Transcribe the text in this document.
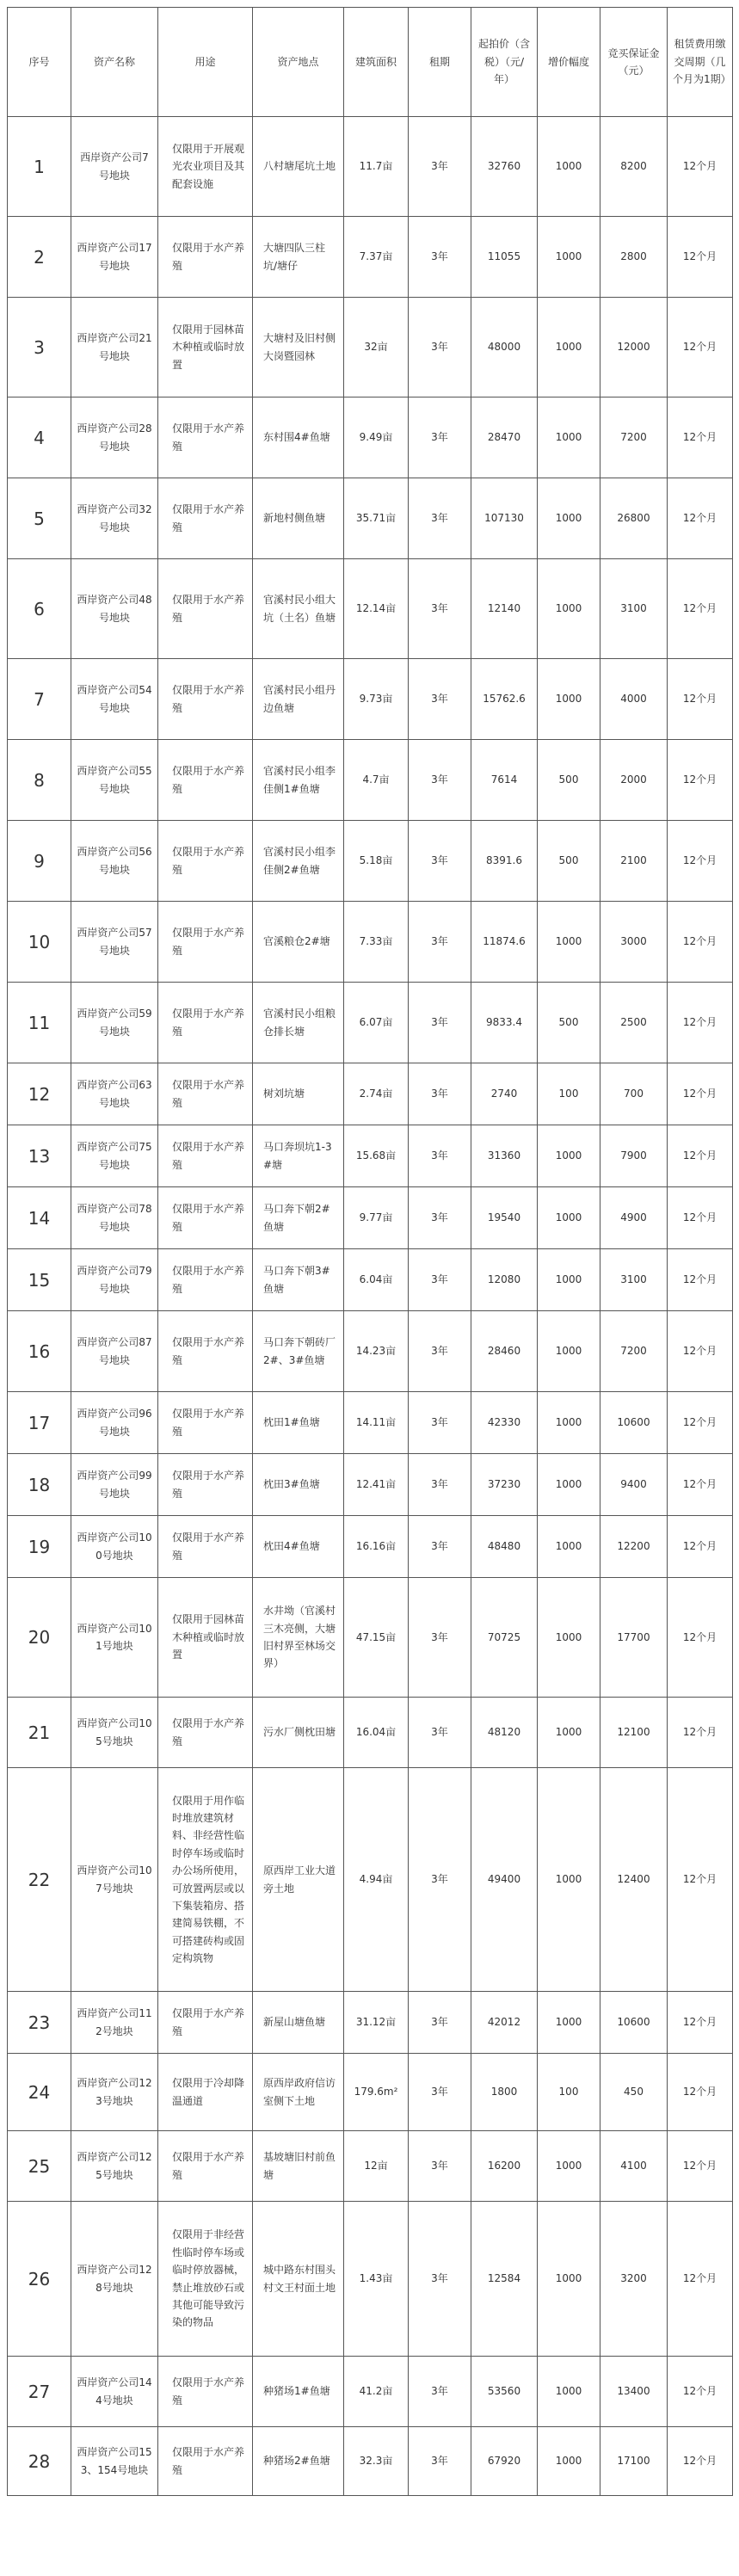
序号	资产名称	用途	资产地点	建筑面积	租期	起拍价（含税）（元/年）	增价幅度	竞买保证金（元）	租赁费用缴交周期（几个月为1期）
1	西岸资产公司7号地块	仅限用于开展观光农业项目及其配套设施	八村塘尾坑土地	11.7亩	3年	32760	1000	8200	12个月
2	西岸资产公司17号地块	仅限用于水产养殖	大塘四队三柱坑/塘仔	7.37亩	3年	11055	1000	2800	12个月
3	西岸资产公司21号地块	仅限用于园林苗木种植或临时放置	大塘村及旧村侧大岗暨园林	32亩	3年	48000	1000	12000	12个月
4	西岸资产公司28号地块	仅限用于水产养殖	东村围4#鱼塘	9.49亩	3年	28470	1000	7200	12个月
5	西岸资产公司32号地块	仅限用于水产养殖	新地村侧鱼塘	35.71亩	3年	107130	1000	26800	12个月
6	西岸资产公司48号地块	仅限用于水产养殖	官溪村民小组大坑（土名）鱼塘	12.14亩	3年	12140	1000	3100	12个月
7	西岸资产公司54号地块	仅限用于水产养殖	官溪村民小组丹边鱼塘	9.73亩	3年	15762.6	1000	4000	12个月
8	西岸资产公司55号地块	仅限用于水产养殖	官溪村民小组李佳侧1#鱼塘	4.7亩	3年	7614	500	2000	12个月
9	西岸资产公司56号地块	仅限用于水产养殖	官溪村民小组李佳侧2#鱼塘	5.18亩	3年	8391.6	500	2100	12个月
10	西岸资产公司57号地块	仅限用于水产养殖	官溪粮仓2#塘	7.33亩	3年	11874.6	1000	3000	12个月
11	西岸资产公司59号地块	仅限用于水产养殖	官溪村民小组粮仓排长塘	6.07亩	3年	9833.4	500	2500	12个月
12	西岸资产公司63号地块	仅限用于水产养殖	树刘坑塘	2.74亩	3年	2740	100	700	12个月
13	西岸资产公司75号地块	仅限用于水产养殖	马口奔坝坑1-3#塘	15.68亩	3年	31360	1000	7900	12个月
14	西岸资产公司78号地块	仅限用于水产养殖	马口奔下朝2#鱼塘	9.77亩	3年	19540	1000	4900	12个月
15	西岸资产公司79号地块	仅限用于水产养殖	马口奔下朝3#鱼塘	6.04亩	3年	12080	1000	3100	12个月
16	西岸资产公司87号地块	仅限用于水产养殖	马口奔下朝砖厂2#、3#鱼塘	14.23亩	3年	28460	1000	7200	12个月
17	西岸资产公司96号地块	仅限用于水产养殖	枕田1#鱼塘	14.11亩	3年	42330	1000	10600	12个月
18	西岸资产公司99号地块	仅限用于水产养殖	枕田3#鱼塘	12.41亩	3年	37230	1000	9400	12个月
19	西岸资产公司100号地块	仅限用于水产养殖	枕田4#鱼塘	16.16亩	3年	48480	1000	12200	12个月
20	西岸资产公司101号地块	仅限用于园林苗木种植或临时放置	水井坳（官溪村三木亮侧，大塘旧村界至林场交界）	47.15亩	3年	70725	1000	17700	12个月
21	西岸资产公司105号地块	仅限用于水产养殖	污水厂侧枕田塘	16.04亩	3年	48120	1000	12100	12个月
22	西岸资产公司107号地块	仅限用于用作临时堆放建筑材料、非经营性临时停车场或临时办公场所使用，可放置两层或以下集装箱房、搭建简易铁棚，不可搭建砖构或固定构筑物	原西岸工业大道旁土地	4.94亩	3年	49400	1000	12400	12个月
23	西岸资产公司112号地块	仅限用于水产养殖	新屋山塘鱼塘	31.12亩	3年	42012	1000	10600	12个月
24	西岸资产公司123号地块	仅限用于冷却降温通道	原西岸政府信访室侧下土地	179.6m²	3年	1800	100	450	12个月
25	西岸资产公司125号地块	仅限用于水产养殖	基坡塘旧村前鱼塘	12亩	3年	16200	1000	4100	12个月
26	西岸资产公司128号地块	仅限用于非经营性临时停车场或临时停放器械，禁止堆放砂石或其他可能导致污染的物品	城中路东村围头村文王村面土地	1.43亩	3年	12584	1000	3200	12个月
27	西岸资产公司144号地块	仅限用于水产养殖	种猪场1#鱼塘	41.2亩	3年	53560	1000	13400	12个月
28	西岸资产公司153、154号地块	仅限用于水产养殖	种猪场2#鱼塘	32.3亩	3年	67920	1000	17100	12个月
